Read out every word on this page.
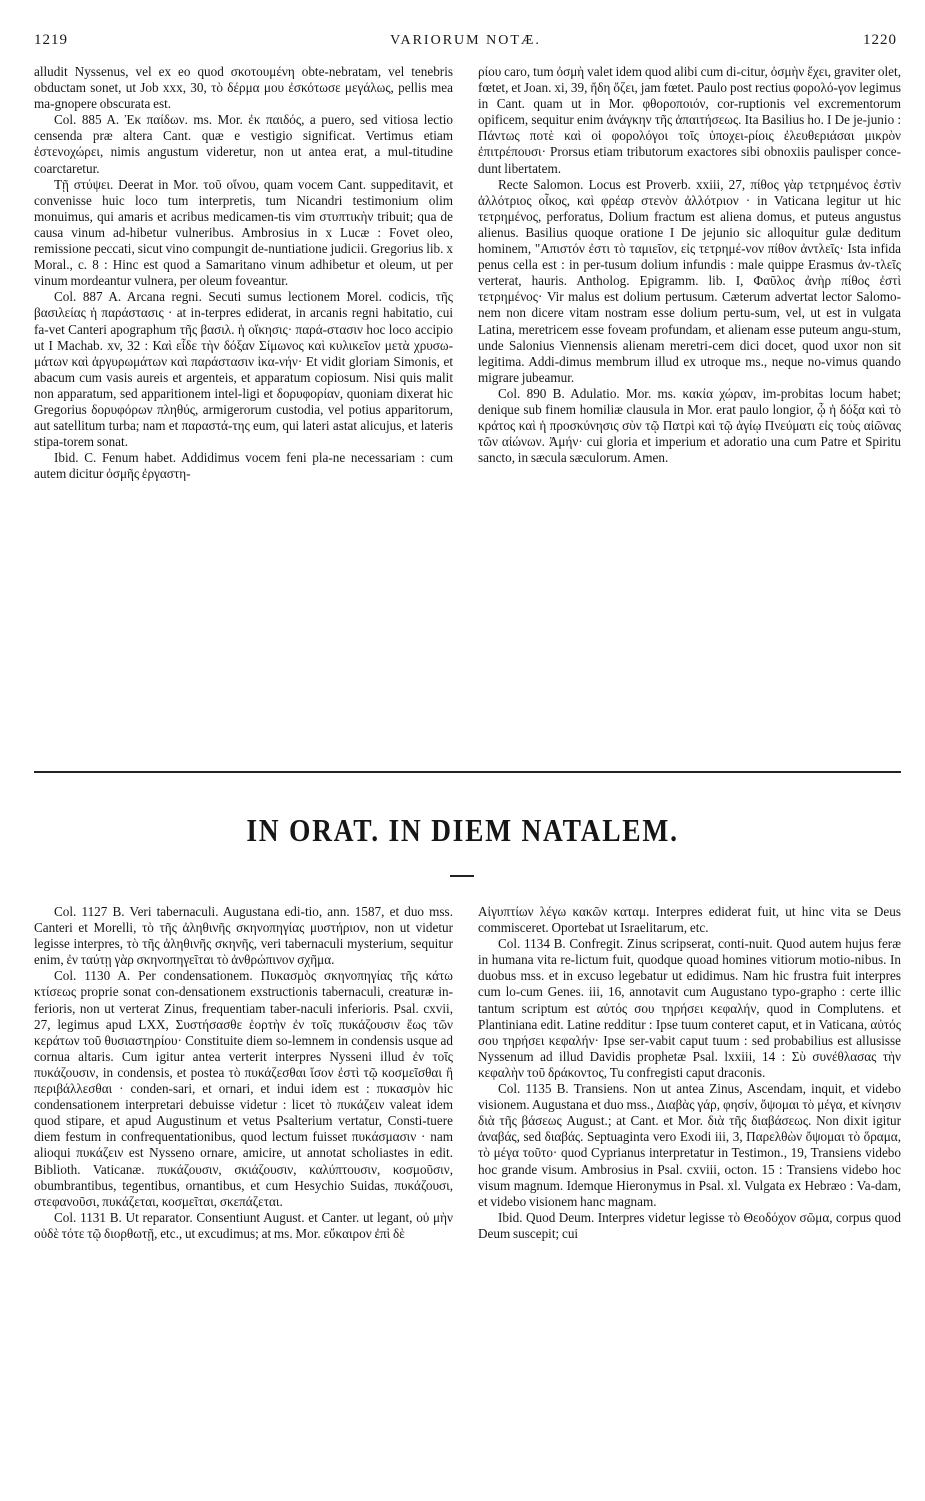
1219	VARIORUM NOTÆ.	1220

alludit Nyssenus, vel ex eo quod σκοτουμένη obte-nebratam, vel tenebris obductam sonet, ut Job xxx, 30, τὸ δέρμα μου ἐσκότωσε μεγάλως, pellis mea ma-gnopere obscurata est.

Col. 885 A. Ἐκ παίδων. ms. Mor. ἐκ παιδός, a puero, sed vitiosa lectio censenda præ altera Cant. quæ e vestigio significat. Vertimus etiam ἐστενοχώρει, nimis angustum videretur, non ut antea erat, a mul-titudine coarctaretur.

Τῇ στύψει. Deerat in Mor. τοῦ οἴνου, quam vocem Cant. suppeditavit, et convenisse huic loco tum interpretis, tum Nicandri testimonium olim monuimus, qui amaris et acribus medicamen-tis vim στυπτικὴν tribuit; qua de causa vinum ad-hibetur vulneribus. Ambrosius in x Lucæ : Fovet oleo, remissione peccati, sicut vino compungit de-nuntiatione judicii. Gregorius lib. x Moral., c. 8 : Hinc est quod a Samaritano vinum adhibetur et oleum, ut per vinum mordeantur vulnera, per oleum foveantur.

Col. 887 A. Arcana regni. Secuti sumus lectionem Morel. codicis, τῆς βασιλείας ἡ παράστασις · at in-terpres ediderat, in arcanis regni habitatio, cui fa-vet Canteri apographum τῆς βασιλ. ἡ οἴκησις· παρά-στασιν hoc loco accipio ut I Machab. xv, 32 : Καὶ εἶδε τὴν δόξαν Σίμωνος καὶ κυλικεῖον μετὰ χρυσω-μάτων καὶ ἀργυρωμάτων καὶ παράστασιν ἱκα-νήν· Et vidit gloriam Simonis, et abacum cum vasis aureis et argenteis, et apparatum copiosum. Nisi quis malit non apparatum, sed apparitionem intel-ligi et δορυφορίαν, quoniam dixerat hic Gregorius δορυφόρων πληθύς, armigerorum custodia, vel potius apparitorum, aut satellitum turba; nam et παραστά-της eum, qui lateri astat alicujus, et lateris stipa-torem sonat.

Ibid. C. Fenum habet. Addidimus vocem feni pla-ne necessariam : cum autem dicitur ὀσμῆς ἐργαστη-

ρίου caro, tum ὀσμὴ valet idem quod alibi cum di-citur, ὀσμὴν ἔχει, graviter olet, fœtet, et Joan. xi, 39, ἤδη ὄζει, jam fœtet. Paulo post rectius φορολό-γον legimus in Cant. quam ut in Mor. φθοροποιόν, cor-ruptionis vel excrementorum opificem, sequitur enim ἀνάγκην τῆς ἀπαιτήσεως. Ita Basilius ho. I De je-junio : Πάντως ποτὲ καὶ οἱ φορολόγοι τοῖς ὑποχει-ρίοις ἐλευθεριάσαι μικρὸν ἐπιτρέπουσι· Prorsus etiam tributorum exactores sibi obnoxiis paulisper conce-dunt libertatem.

Recte Salomon. Locus est Proverb. xxiii, 27, πίθος γὰρ τετρημένος ἐστὶν ἀλλότριος οἶκος, καὶ φρέαρ στενὸν ἀλλότριον · in Vaticana legitur ut hic τετρημένος, perforatus, Dolium fractum est aliena domus, et puteus angustus alienus. Basilius quoque oratione I De jejunio sic alloquitur gulæ deditum hominem, "Απιστόν ἐστι τὸ ταμιεῖον, εἰς τετρημέ-νον πίθον ἀντλεῖς· Ista infida penus cella est : in per-tusum dolium infundis : male quippe Erasmus ἀν-τλεῖς verterat, hauris. Antholog. Epigramm. lib. I, Φαῦλος ἀνὴρ πίθος ἐστὶ τετρημένος· Vir malus est dolium pertusum. Cæterum advertat lector Salomo-nem non dicere vitam nostram esse dolium pertu-sum, vel, ut est in vulgata Latina, meretricem esse foveam profundam, et alienam esse puteum angu-stum, unde Salonius Viennensis alienam meretri-cem dici docet, quod uxor non sit legitima. Addi-dimus membrum illud ex utroque ms., neque no-vimus quando migrare jubeamur.

Col. 890 B. Adulatio. Mor. ms. κακία χώραν, im-probitas locum habet; denique sub finem homiliæ clausula in Mor. erat paulo longior, ᾧ ἡ δόξα καὶ τὸ κράτος καὶ ἡ προσκύνησις σὺν τῷ Πατρὶ καὶ τῷ ἁγίῳ Πνεύματι εἰς τοὺς αἰῶνας τῶν αἰώνων. Ἀμήν· cui gloria et imperium et adoratio una cum Patre et Spiritu sancto, in sæcula sæculorum. Amen.

IN ORAT. IN DIEM NATALEM.

Col. 1127 B. Veri tabernaculi. Augustana edi-tio, ann. 1587, et duo mss. Canteri et Morelli, τὸ τῆς ἀληθινῆς σκηνοπηγίας μυστήριον, non ut videtur legisse interpres, τὸ τῆς ἀληθινῆς σκηνῆς, veri tabernaculi mysterium, sequitur enim, ἐν ταύτῃ γὰρ σκηνοπηγεῖται τὸ ἀνθρώπινον σχῆμα.

Col. 1130 A. Per condensationem. Πυκασμὸς σκηνοπηγίας τῆς κάτω κτίσεως proprie sonat con-densationem exstructionis tabernaculi, creaturæ in-ferioris, non ut verterat Zinus, frequentiam taber-naculi inferioris. Psal. cxvii, 27, legimus apud LXX, Συστήσασθε ἑορτὴν ἐν τοῖς πυκάζουσιν ἕως τῶν κεράτων τοῦ θυσιαστηρίου· Constituite diem so-lemnem in condensis usque ad cornua altaris. Cum igitur antea verterit interpres Nysseni illud ἐν τοῖς πυκάζουσιν, in condensis, et postea τὸ πυκάζεσθαι ἴσον ἐστὶ τῷ κοσμεῖσθαι ἢ περιβάλλεσθαι · conden-sari, et ornari, et indui idem est : πυκασμὸν hic condensationem interpretari debuisse videtur : licet τὸ πυκάζειν valeat idem quod stipare, et apud Augustinum et vetus Psalterium vertatur, Consti-tuere diem festum in confrequentationibus, quod lectum fuisset πυκάσμασιν · nam alioqui πυκάζειν est Nysseno ornare, amicire, ut annotat scholiastes in edit. Biblioth. Vaticanæ. πυκάζουσιν, σκιάζουσιν, καλύπτουσιν, κοσμοῦσιν, obumbrantibus, tegentibus, ornantibus, et cum Hesychio Suidas, πυκάζουσι, στεφανοῦσι, πυκάζεται, κοσμεῖται, σκεπάζεται.

Col. 1131 B. Ut reparator. Consentiunt August. et Canter. ut legant, οὐ μὴν οὐδὲ τότε τῷ διορθωτῇ, etc., ut excudimus; at ms. Mor. εὔκαιρον ἐπὶ δὲ

Αἰγυπτίων λέγω κακῶν καταμ. Interpres ediderat fuit, ut hinc vita se Deus commisceret. Oportebat ut Israelitarum, etc.

Col. 1134 B. Confregit. Zinus scripserat, conti-nuit. Quod autem hujus feræ in humana vita re-lictum fuit, quodque quoad homines vitiorum motio-nibus. In duobus mss. et in excuso legebatur ut edidimus. Nam hic frustra fuit interpres cum lo-cum Genes. iii, 16, annotavit cum Augustano typo-grapho : certe illic tantum scriptum est αὐτός σου τηρήσει κεφαλήν, quod in Complutens. et Plantiniana edit. Latine redditur : Ipse tuum conteret caput, et in Vaticana, αὐτός σου τηρήσει κεφαλήν· Ipse ser-vabit caput tuum : sed probabilius est allusisse Nyssenum ad illud Davidis prophetæ Psal. lxxiii, 14 : Σὺ συνέθλασας τὴν κεφαλὴν τοῦ δράκοντος, Tu confregisti caput draconis.

Col. 1135 B. Transiens. Non ut antea Zinus, Ascendam, inquit, et videbo visionem. Augustana et duo mss., Διαβὰς γάρ, φησίν, ὄψομαι τὸ μέγα, et κίνησιν διὰ τῆς βάσεως August.; at Cant. et Mor. διὰ τῆς διαβάσεως. Non dixit igitur ἀναβάς, sed διαβάς. Septuaginta vero Exodi iii, 3, Παρελθὼν ὄψομαι τὸ ὅραμα, τὸ μέγα τοῦτο· quod Cyprianus interpretatur in Testimon., 19, Transiens videbo hoc grande visum. Ambrosius in Psal. cxviii, octon. 15 : Transiens videbo hoc visum magnum. Idemque Hieronymus in Psal. xl. Vulgata ex Hebræo : Va-dam, et videbo visionem hanc magnam.

Ibid. Quod Deum. Interpres videtur legisse τὸ Θεοδόχον σῶμα, corpus quod Deum suscepit; cui
